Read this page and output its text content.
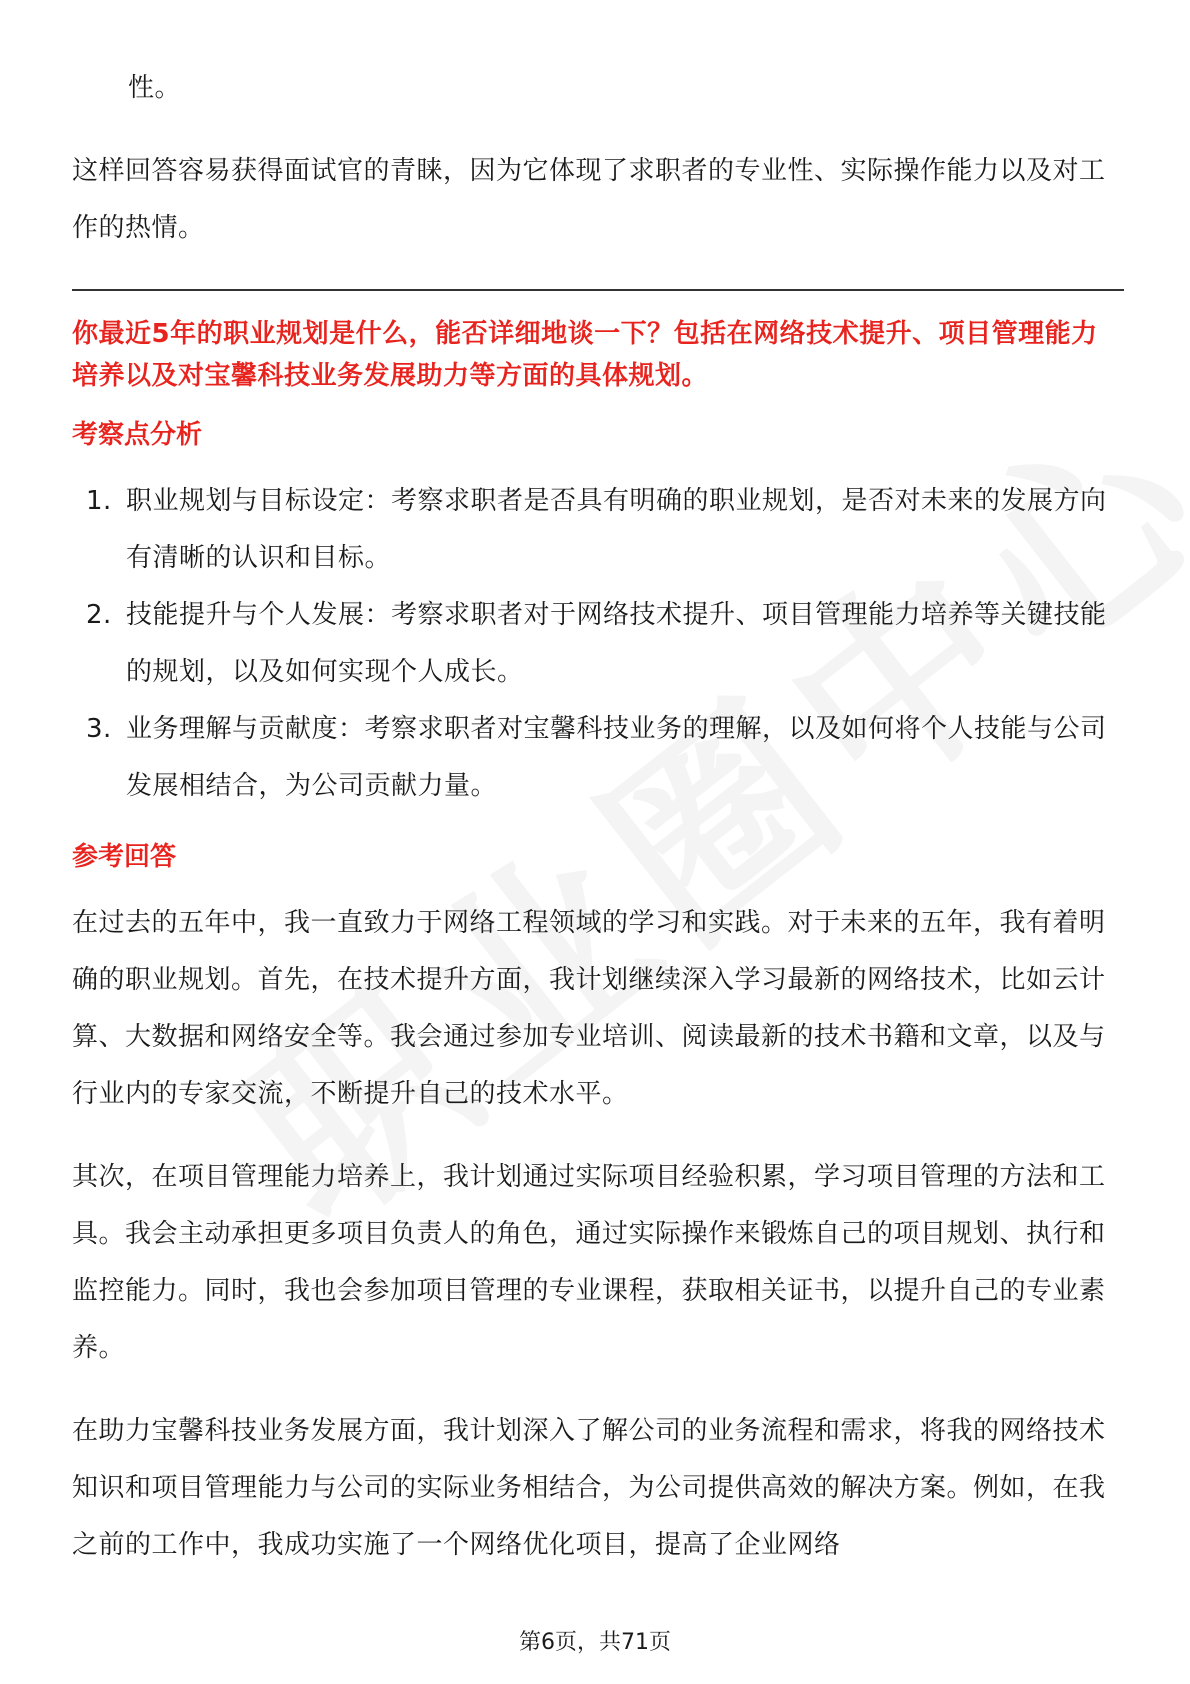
性。

这样回答容易获得面试官的青睐，因为它体现了求职者的专业性、实际操作能力以及对工作的热情。

你最近5年的职业规划是什么，能否详细地谈一下？包括在网络技术提升、项目管理能力培养以及对宝馨科技业务发展助力等方面的具体规划。

考察点分析
1. 职业规划与目标设定：考察求职者是否具有明确的职业规划，是否对未来的发展方向有清晰的认识和目标。
2. 技能提升与个人发展：考察求职者对于网络技术提升、项目管理能力培养等关键技能的规划，以及如何实现个人成长。
3. 业务理解与贡献度：考察求职者对宝馨科技业务的理解，以及如何将个人技能与公司发展相结合，为公司贡献力量。
参考回答

在过去的五年中，我一直致力于网络工程领域的学习和实践。对于未来的五年，我有着明确的职业规划。首先，在技术提升方面，我计划继续深入学习最新的网络技术，比如云计算、大数据和网络安全等。我会通过参加专业培训、阅读最新的技术书籍和文章，以及与行业内的专家交流，不断提升自己的技术水平。

其次，在项目管理能力培养上，我计划通过实际项目经验积累，学习项目管理的方法和工具。我会主动承担更多项目负责人的角色，通过实际操作来锻炼自己的项目规划、执行和监控能力。同时，我也会参加项目管理的专业课程，获取相关证书，以提升自己的专业素养。

在助力宝馨科技业务发展方面，我计划深入了解公司的业务流程和需求，将我的网络技术知识和项目管理能力与公司的实际业务相结合，为公司提供高效的解决方案。例如，在我之前的工作中，我成功实施了一个网络优化项目，提高了企业网络

第6页，共71页
